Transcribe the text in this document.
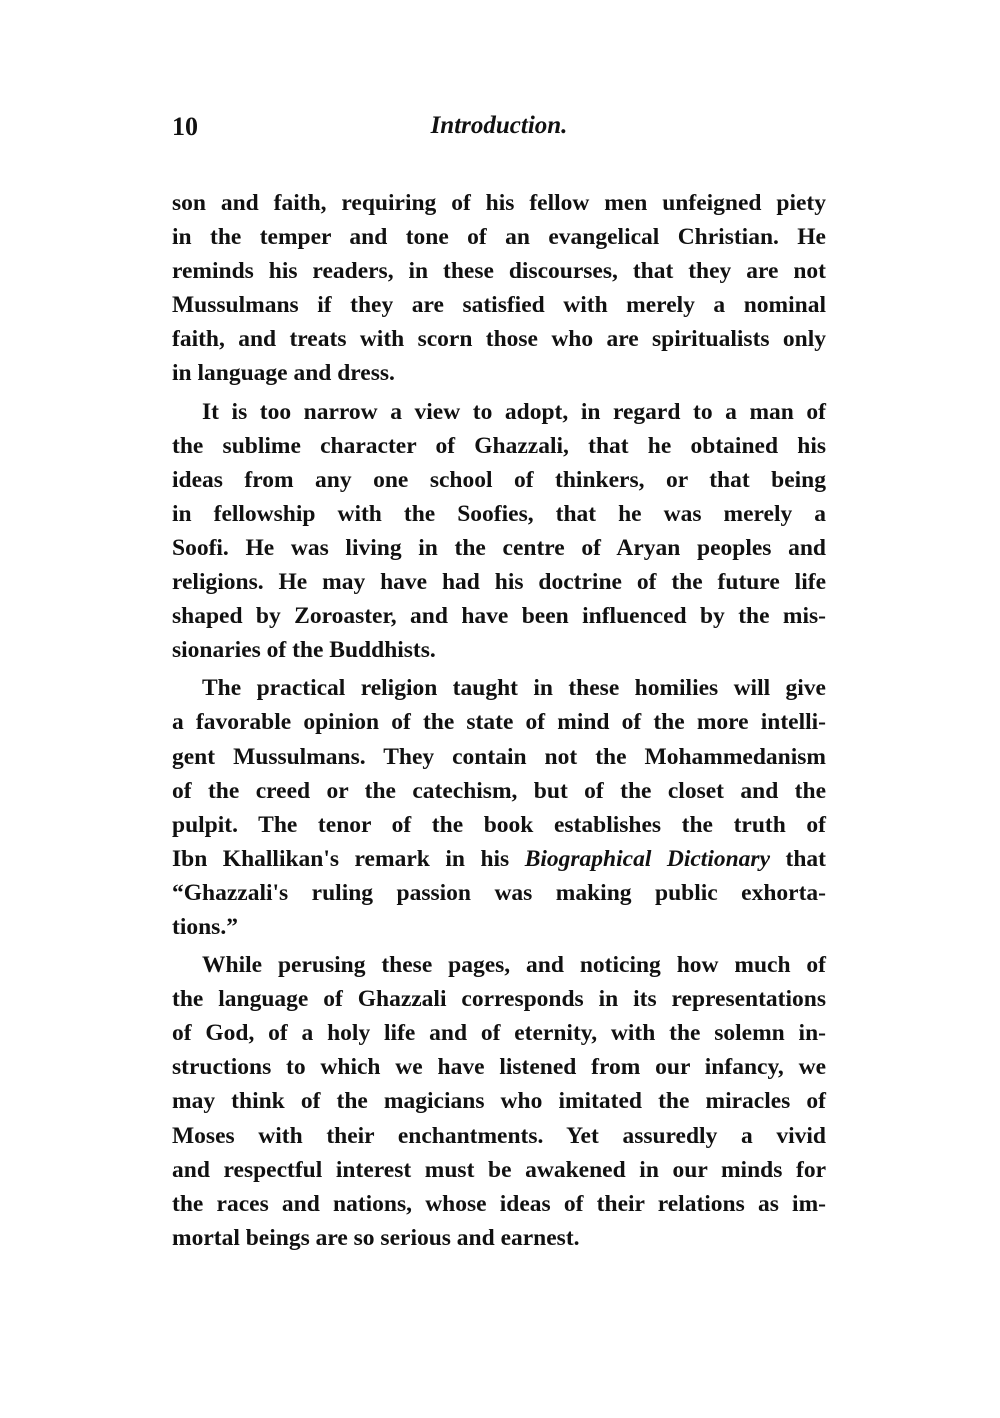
10	Introduction.
son and faith, requiring of his fellow men unfeigned piety
in the temper and tone of an evangelical Christian. He
reminds his readers, in these discourses, that they are not
Mussulmans if they are satisfied with merely a nominal
faith, and treats with scorn those who are spiritualists only
in language and dress.
It is too narrow a view to adopt, in regard to a man of
the sublime character of Ghazzali, that he obtained his
ideas from any one school of thinkers, or that being
in fellowship with the Soofies, that he was merely a
Soofi. He was living in the centre of Aryan peoples and
religions. He may have had his doctrine of the future life
shaped by Zoroaster, and have been influenced by the mis-
sionaries of the Buddhists.
The practical religion taught in these homilies will give
a favorable opinion of the state of mind of the more intelli-
gent Mussulmans. They contain not the Mohammedanism
of the creed or the catechism, but of the closet and the
pulpit. The tenor of the book establishes the truth of
Ibn Khallikan's remark in his Biographical Dictionary that
“Ghazzali's ruling passion was making public exhorta-
tions.”
While perusing these pages, and noticing how much of
the language of Ghazzali corresponds in its representations
of God, of a holy life and of eternity, with the solemn in-
structions to which we have listened from our infancy, we
may think of the magicians who imitated the miracles of
Moses with their enchantments. Yet assuredly a vivid
and respectful interest must be awakened in our minds for
the races and nations, whose ideas of their relations as im-
mortal beings are so serious and earnest.
